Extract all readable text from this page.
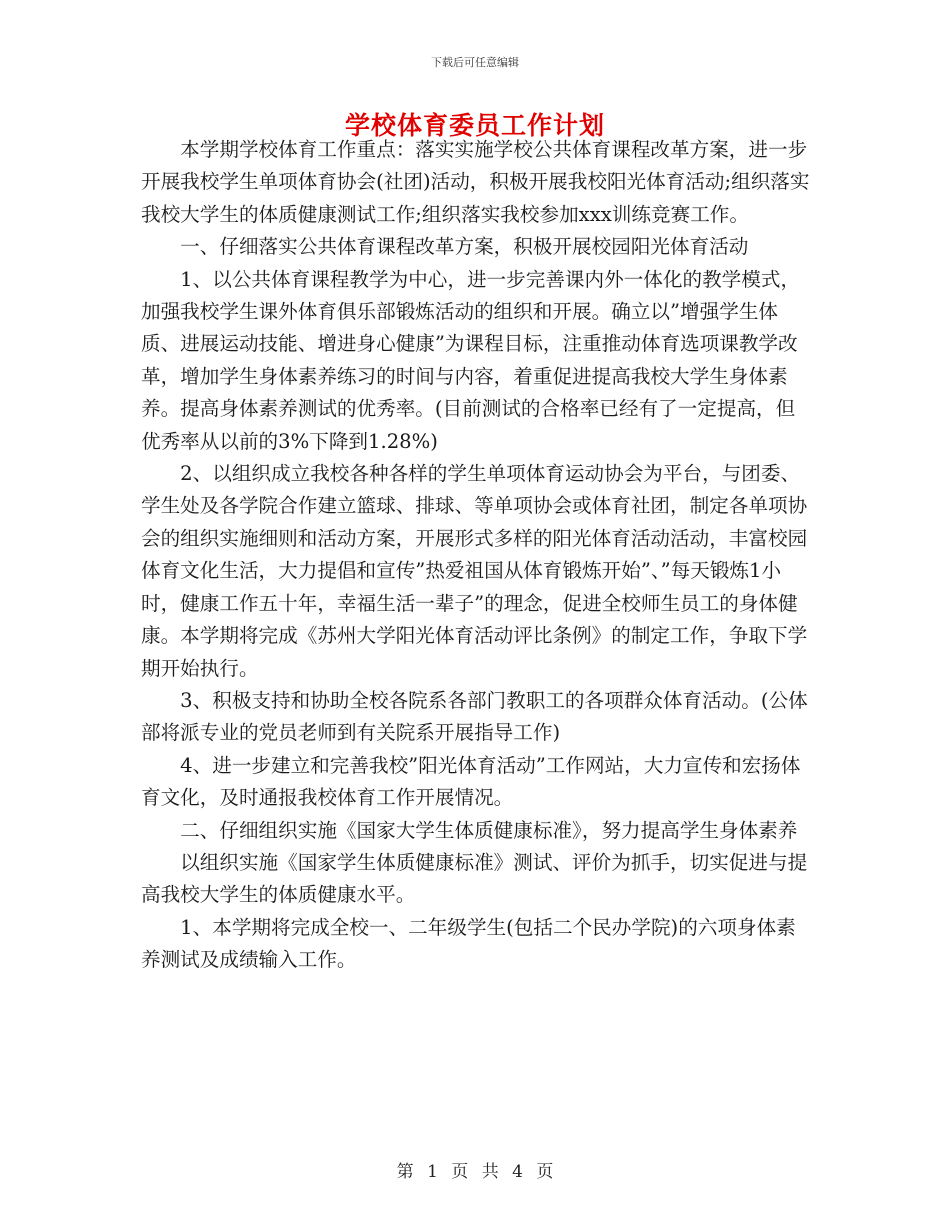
下载后可任意编辑
学校体育委员工作计划

　　本学期学校体育工作重点：落实实施学校公共体育课程改革方案，进一步开展我校学生单项体育协会(社团)活动，积极开展我校阳光体育活动;组织落实我校大学生的体质健康测试工作;组织落实我校参加xxx训练竞赛工作。

　　一、仔细落实公共体育课程改革方案，积极开展校园阳光体育活动

　　1、以公共体育课程教学为中心，进一步完善课内外一体化的教学模式，加强我校学生课外体育俱乐部锻炼活动的组织和开展。确立以”增强学生体质、进展运动技能、增进身心健康”为课程目标，注重推动体育选项课教学改革，增加学生身体素养练习的时间与内容，着重促进提高我校大学生身体素养。提高身体素养测试的优秀率。(目前测试的合格率已经有了一定提高，但优秀率从以前的3%下降到1.28%)

　　2、以组织成立我校各种各样的学生单项体育运动协会为平台，与团委、学生处及各学院合作建立篮球、排球、等单项协会或体育社团，制定各单项协会的组织实施细则和活动方案，开展形式多样的阳光体育活动活动，丰富校园体育文化生活，大力提倡和宣传”热爱祖国从体育锻炼开始”、”每天锻炼1小时，健康工作五十年，幸福生活一辈子”的理念，促进全校师生员工的身体健康。本学期将完成《苏州大学阳光体育活动评比条例》的制定工作，争取下学期开始执行。

　　3、积极支持和协助全校各院系各部门教职工的各项群众体育活动。(公体部将派专业的党员老师到有关院系开展指导工作)

　　4、进一步建立和完善我校”阳光体育活动”工作网站，大力宣传和宏扬体育文化，及时通报我校体育工作开展情况。

　　二、仔细组织实施《国家大学生体质健康标准》，努力提高学生身体素养

　　以组织实施《国家学生体质健康标准》测试、评价为抓手，切实促进与提高我校大学生的体质健康水平。

　　1、本学期将完成全校一、二年级学生(包括二个民办学院)的六项身体素养测试及成绩输入工作。

第 1 页 共 4 页
